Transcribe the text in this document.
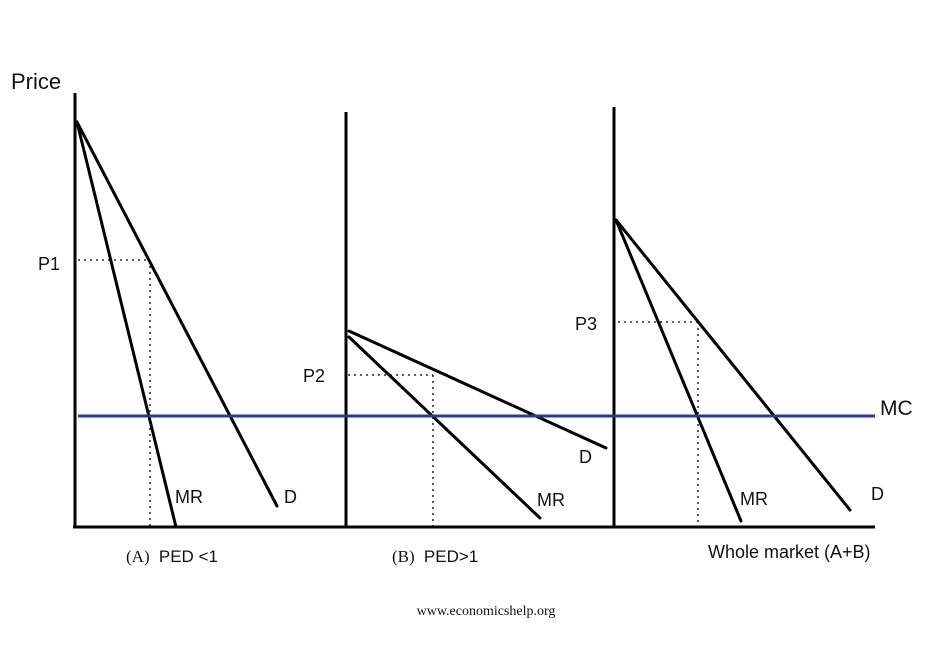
Price
MC
P1
MR	D
(A) PED <1
P2
D
MR
(B) PED>1
P3
MR	D
Whole market (A+B)
www.economicshelp.org
